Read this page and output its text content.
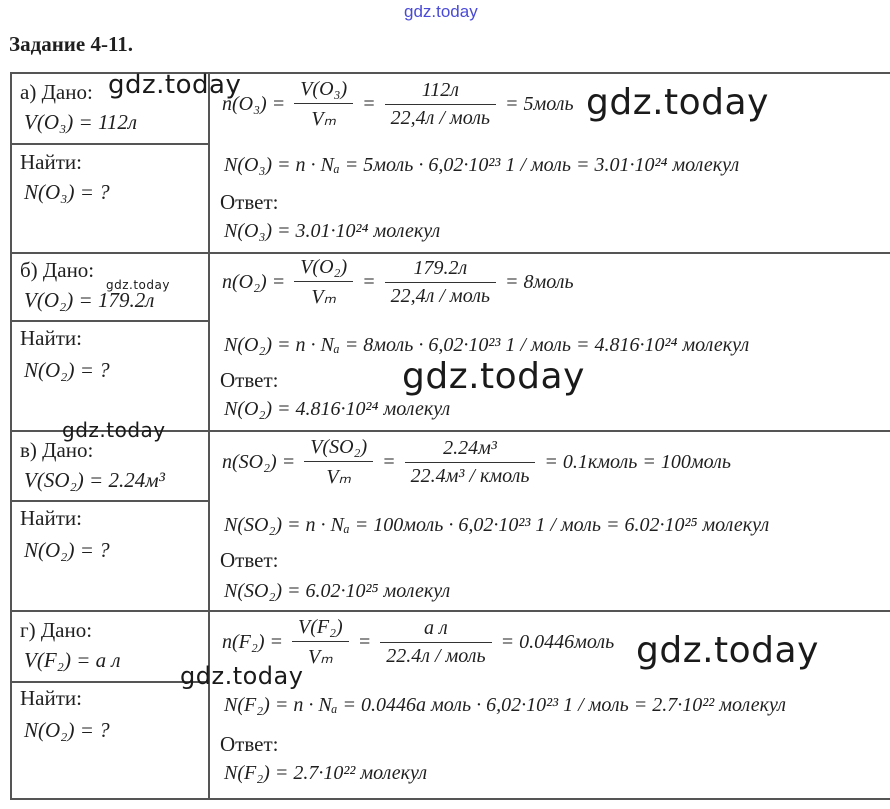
gdz.today
Задание 4-11.
а) Дано:
V(O₃) = 112л
Найти:
N(O₃) = ?
$n(O_3) = \frac{\text{V(O₃)}}{\text{Vₘ}} = \frac{112л}{\text{22,4л / моль}}$ = 5моль
N(O₃) = n · Nₐ = 5моль · 6,02·10²³ 1 / моль = 3.01·10²⁴ молекул
Ответ:
N(O₃) = 3.01·10²⁴ молекул
б) Дано:
V(O₂) = 179.2л
Найти:
N(O₂) = ?
$n(O_2) = \frac{\text{V(O₂)}}{\text{Vₘ}} = \frac{179.2л}{\text{22,4л / моль}}$ = 8моль
N(O₂) = n · Nₐ = 8моль · 6,02·10²³ 1 / моль = 4.816·10²⁴ молекул
Ответ:
N(O₂) = 4.816·10²⁴ молекул
в) Дано:
V(SO₂) = 2.24м³
Найти:
N(O₂) = ?
$n(SO_2) = \frac{\text{V(SO₂)}}{\text{Vₘ}} = \frac{\text{2.24м³}}{\text{22.4м³ / кмоль}}$ = 0.1кмоль = 100моль
N(SO₂) = n · Nₐ = 100моль · 6,02·10²³ 1 / моль = 6.02·10²⁵ молекул
Ответ:
N(SO₂) = 6.02·10²⁵ молекул
г) Дано:
V(F₂) = a л
Найти:
N(O₂) = ?
$n(F_2) = \frac{\text{V(F₂)}}{\text{Vₘ}} = \frac{\text{a л}}{\text{22.4л / моль}}$ = 0.0446моль
N(F₂) = n · Nₐ = 0.0446a моль · 6,02·10²³ 1 / моль = 2.7·10²² молекул
Ответ:
N(F₂) = 2.7·10²² молекул
gdz.today	gdz.today
gdz.today
gdz.today
gdz.today
gdz.today
gdz.today
